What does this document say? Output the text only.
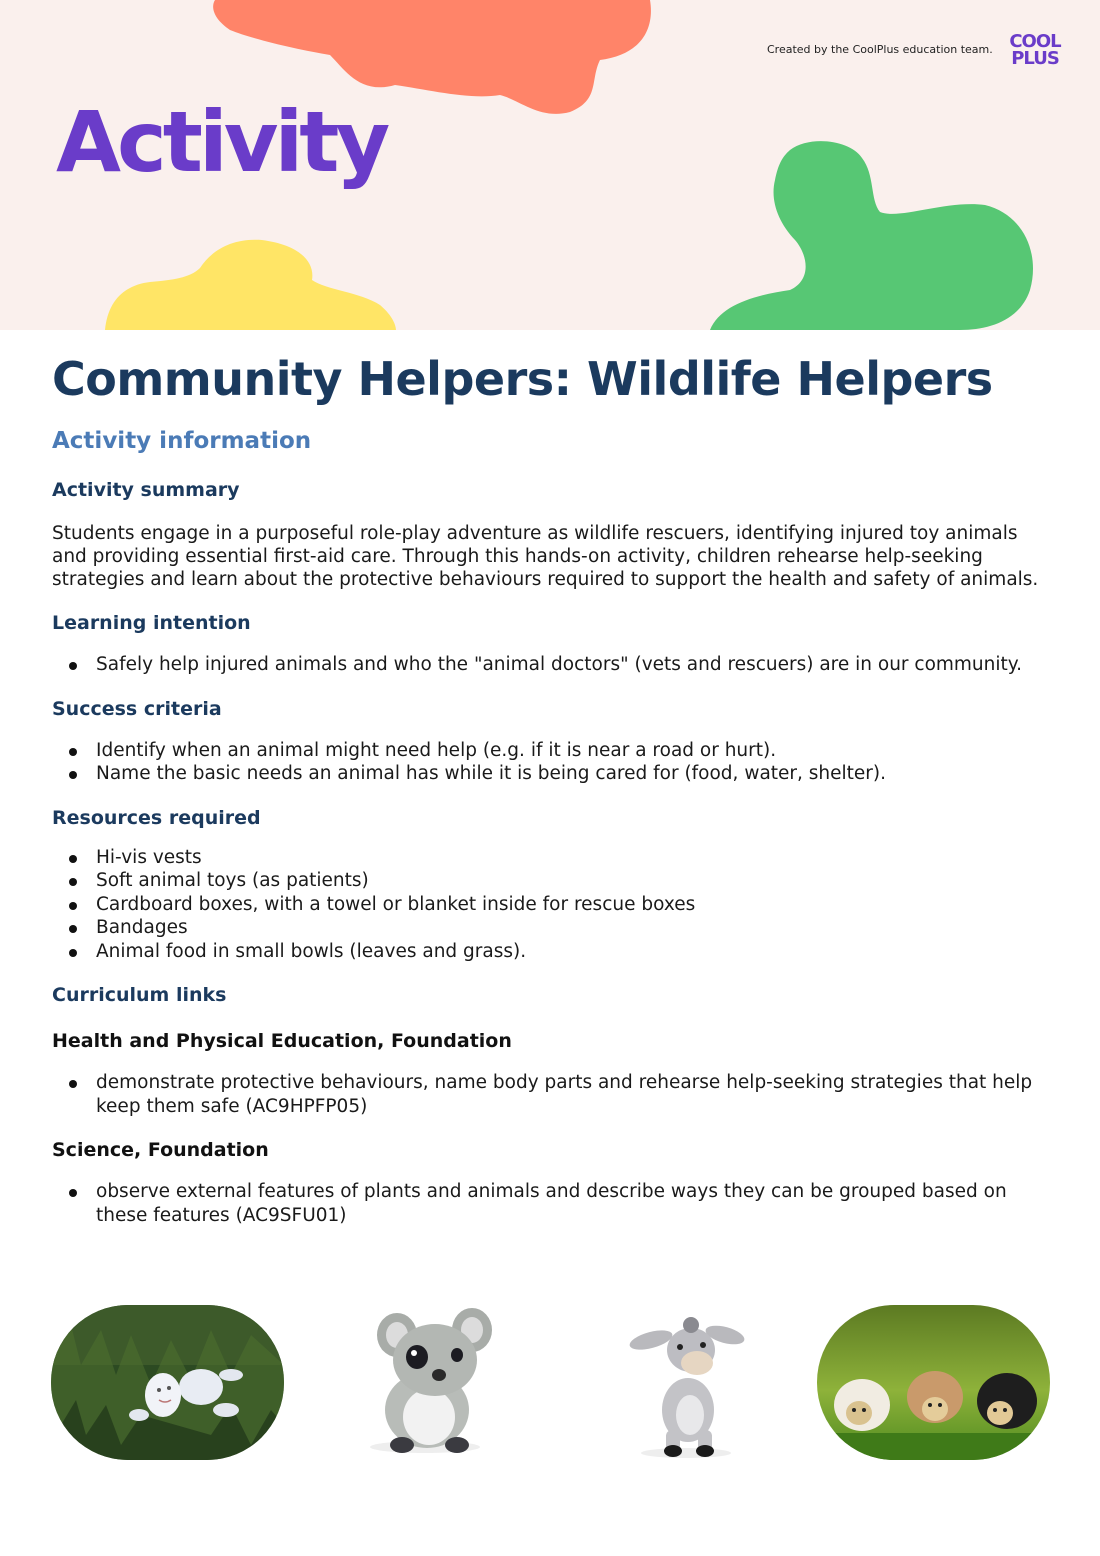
Activity
Created by the CoolPlus education team. COOL
PLUS
Community Helpers: Wildlife Helpers
Activity information
Activity summary

Students engage in a purposeful role-play adventure as wildlife rescuers, identifying injured toy animals and providing essential first-aid care. Through this hands-on activity, children rehearse help-seeking strategies and learn about the protective behaviours required to support the health and safety of animals.

Learning intention
Safely help injured animals and who the "animal doctors" (vets and rescuers) are in our community.
Success criteria
Identify when an animal might need help (e.g. if it is near a road or hurt).
Name the basic needs an animal has while it is being cared for (food, water, shelter).
Resources required
Hi-vis vests
Soft animal toys (as patients)
Cardboard boxes, with a towel or blanket inside for rescue boxes
Bandages
Animal food in small bowls (leaves and grass).
Curriculum links
Health and Physical Education, Foundation
demonstrate protective behaviours, name body parts and rehearse help-seeking strategies that help keep them safe (AC9HPFP05)
Science, Foundation
observe external features of plants and animals and describe ways they can be grouped based on these features (AC9SFU01)
